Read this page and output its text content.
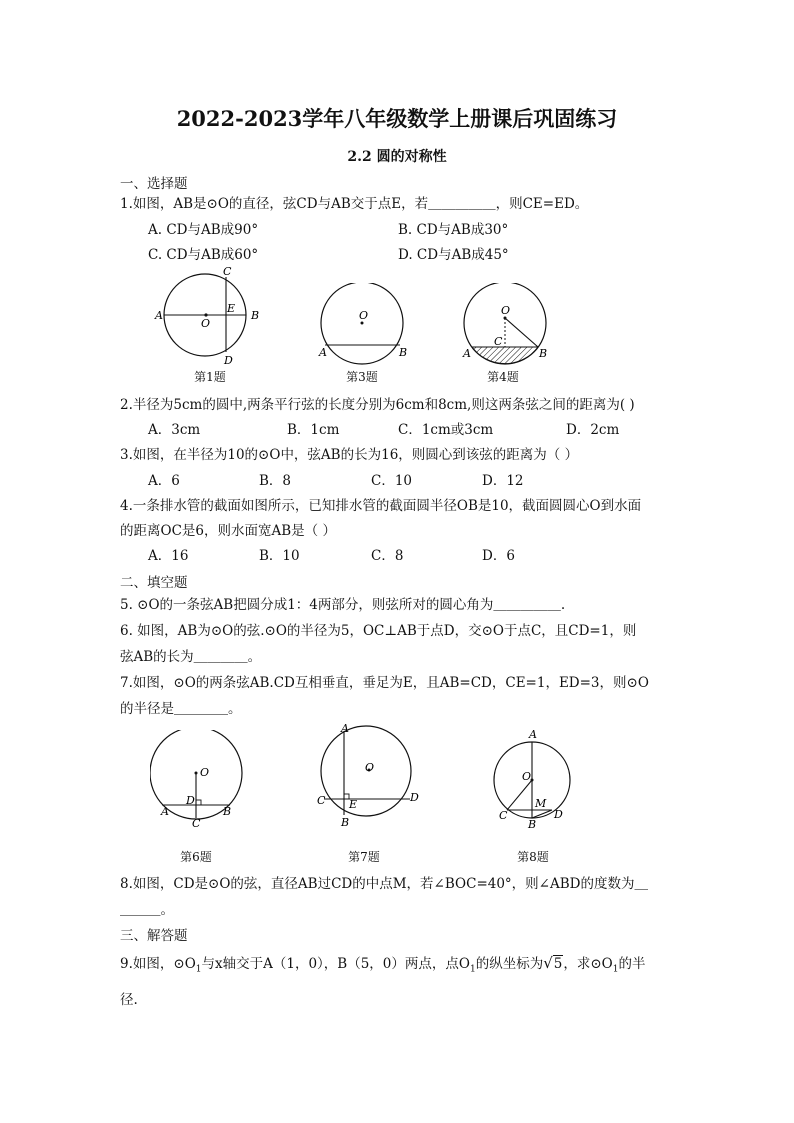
2022-2023学年八年级数学上册课后巩固练习
2.2 圆的对称性
一、选择题
1.如图，AB是⊙O的直径，弦CD与AB交于点E，若＿＿＿＿＿，则CE=ED。
A. CD与AB成90°	B. CD与AB成30°
C. CD与AB成60°	D. CD与AB成45°
A	B
C
D
E
O
第1题
O
A	B
第3题
O
C
A	B
第4题
2.半径为5cm的圆中,两条平行弦的长度分别为6cm和8cm,则这两条弦之间的距离为( )
A．3cm	B．1cm	C．1cm或3cm	D．2cm
3.如图，在半径为10的⊙O中，弦AB的长为16，则圆心到该弦的距离为（ ）
A．6	B．8	C．10	D．12
4.一条排水管的截面如图所示，已知排水管的截面圆半径OB是10，截面圆圆心O到水面
的距离OC是6，则水面宽AB是（ ）
A．16	B．10	C．8	D．6
二、填空题
5. ⊙O的一条弦AB把圆分成1：4两部分，则弦所对的圆心角为＿＿＿＿＿.
6. 如图，AB为⊙O的弦.⊙O的半径为5，OC⊥AB于点D，交⊙O于点C，且CD=1，则
弦AB的长为＿＿＿＿。
7.如图，⊙O的两条弦AB.CD互相垂直，垂足为E，且AB=CD，CE=1，ED=3，则⊙O
的半径是＿＿＿＿。
O
D
A	B
C
第6题
O
A
B
C	D
E
第7题
A
O
M
C	D
B
第8题
8.如图，CD是⊙O的弦，直径AB过CD的中点M，若∠BOC=40°，则∠ABD的度数为＿
＿＿＿。
三、解答题
9.如图，$⊙O_1$与x轴交于A（1，0），B（5，0）两点，点$O_1$的纵坐标为√5，求$⊙O_1$的半
径.
